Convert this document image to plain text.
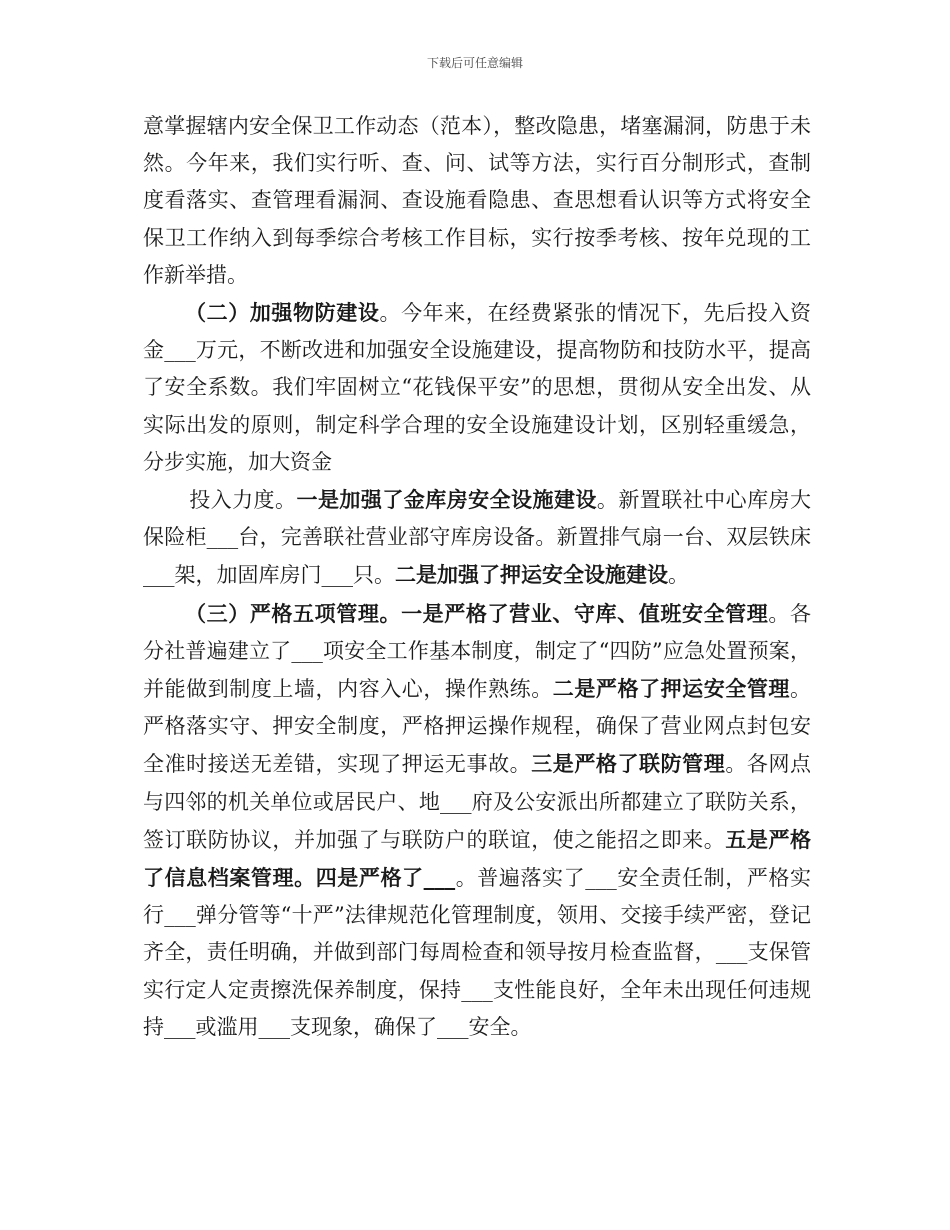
下载后可任意编辑

意掌握辖内安全保卫工作动态（范本），整改隐患，堵塞漏洞，防患于未然。今年来，我们实行听、查、问、试等方法，实行百分制形式，查制度看落实、查管理看漏洞、查设施看隐患、查思想看认识等方式将安全保卫工作纳入到每季综合考核工作目标，实行按季考核、按年兑现的工作新举措。

（二）加强物防建设。今年来，在经费紧张的情况下，先后投入资金___万元，不断改进和加强安全设施建设，提高物防和技防水平，提高了安全系数。我们牢固树立“花钱保平安”的思想，贯彻从安全出发、从实际出发的原则，制定科学合理的安全设施建设计划，区别轻重缓急，分步实施，加大资金

投入力度。一是加强了金库房安全设施建设。新置联社中心库房大保险柜___台，完善联社营业部守库房设备。新置排气扇一台、双层铁床___架，加固库房门___只。二是加强了押运安全设施建设。

（三）严格五项管理。一是严格了营业、守库、值班安全管理。各分社普遍建立了___项安全工作基本制度，制定了“四防”应急处置预案，并能做到制度上墙，内容入心，操作熟练。二是严格了押运安全管理。严格落实守、押安全制度，严格押运操作规程，确保了营业网点封包安全准时接送无差错，实现了押运无事故。三是严格了联防管理。各网点与四邻的机关单位或居民户、地___府及公安派出所都建立了联防关系，签订联防协议，并加强了与联防户的联谊，使之能招之即来。五是严格了信息档案管理。四是严格了___。普遍落实了___安全责任制，严格实行___弹分管等“十严”法律规范化管理制度，领用、交接手续严密，登记齐全，责任明确，并做到部门每周检查和领导按月检查监督，___支保管实行定人定责擦洗保养制度，保持___支性能良好，全年未出现任何违规持___或滥用___支现象，确保了___安全。
